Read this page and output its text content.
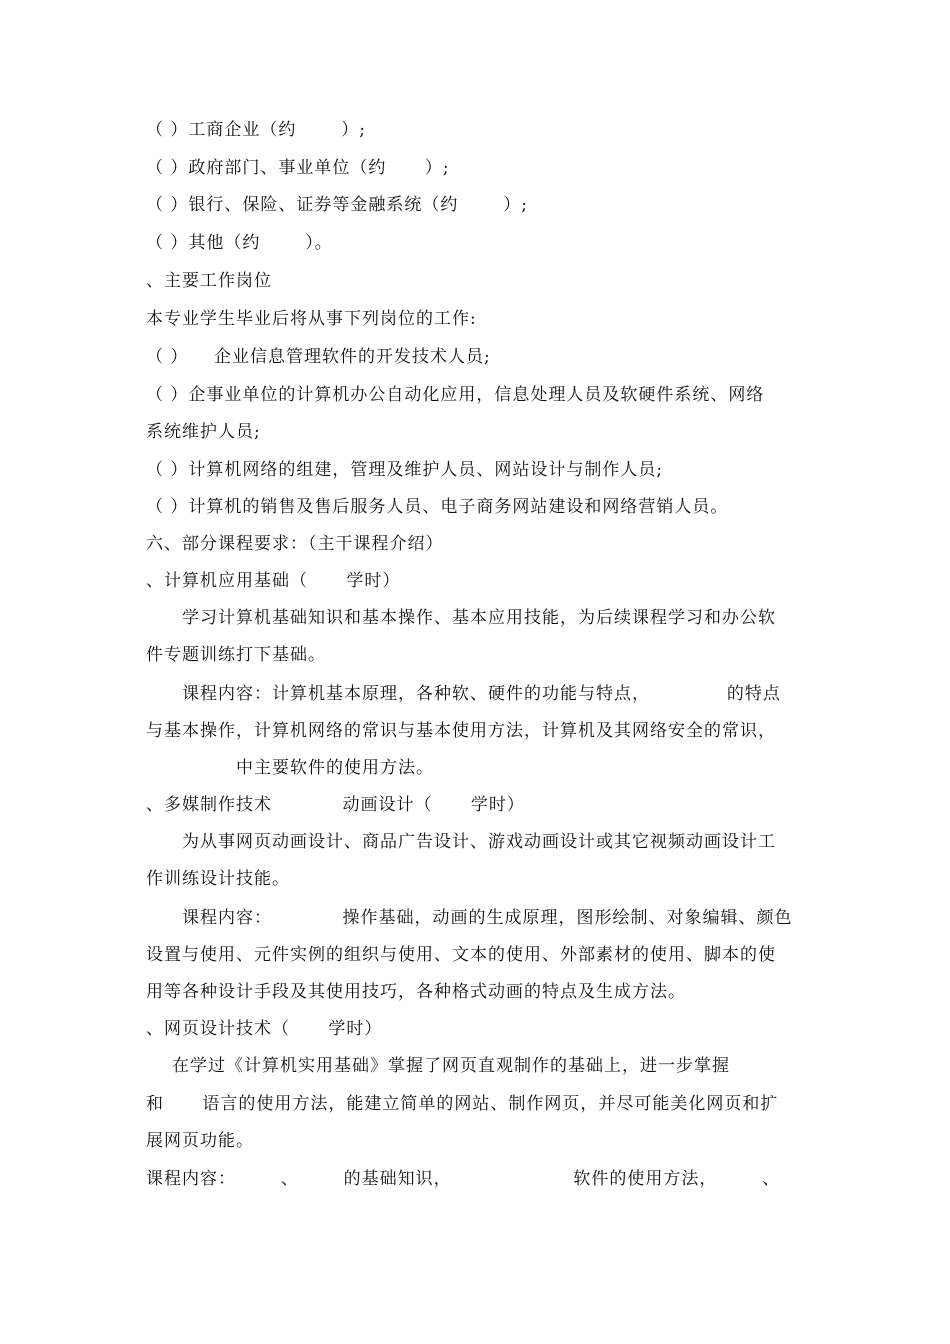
（ ）工商企业（约       ）;
（ ）政府部门、事业单位（约      ）;
（ ）银行、保险、证券等金融系统（约       ）;
（ ）其他（约       ）。
、主要工作岗位
本专业学生毕业后将从事下列岗位的工作:
（ ）    企业信息管理软件的开发技术人员;
（ ）企事业单位的计算机办公自动化应用，信息处理人员及软硬件系统、网络
系统维护人员;
（ ）计算机网络的组建，管理及维护人员、网站设计与制作人员;
（ ）计算机的销售及售后服务人员、电子商务网站建设和网络营销人员。
六、部分课程要求：（主干课程介绍）
、计算机应用基础（      学时）
学习计算机基础知识和基本操作、基本应用技能，为后续课程学习和办公软
件专题训练打下基础。
课程内容：计算机基本原理，各种软、硬件的功能与特点，            的特点
与基本操作，计算机网络的常识与基本使用方法，计算机及其网络安全的常识，
中主要软件的使用方法。
、多媒制作技术           动画设计（      学时）
为从事网页动画设计、商品广告设计、游戏动画设计或其它视频动画设计工
作训练设计技能。
课程内容：           操作基础，动画的生成原理，图形绘制、对象编辑、颜色
设置与使用、元件实例的组织与使用、文本的使用、外部素材的使用、脚本的使
用等各种设计手段及其使用技巧，各种格式动画的特点及生成方法。
、网页设计技术（      学时）
在学过《计算机实用基础》掌握了网页直观制作的基础上，进一步掌握
和      语言的使用方法，能建立简单的网站、制作网页，并尽可能美化网页和扩
展网页功能。
课程内容：       、       的基础知识，                   软件的使用方法，       、
